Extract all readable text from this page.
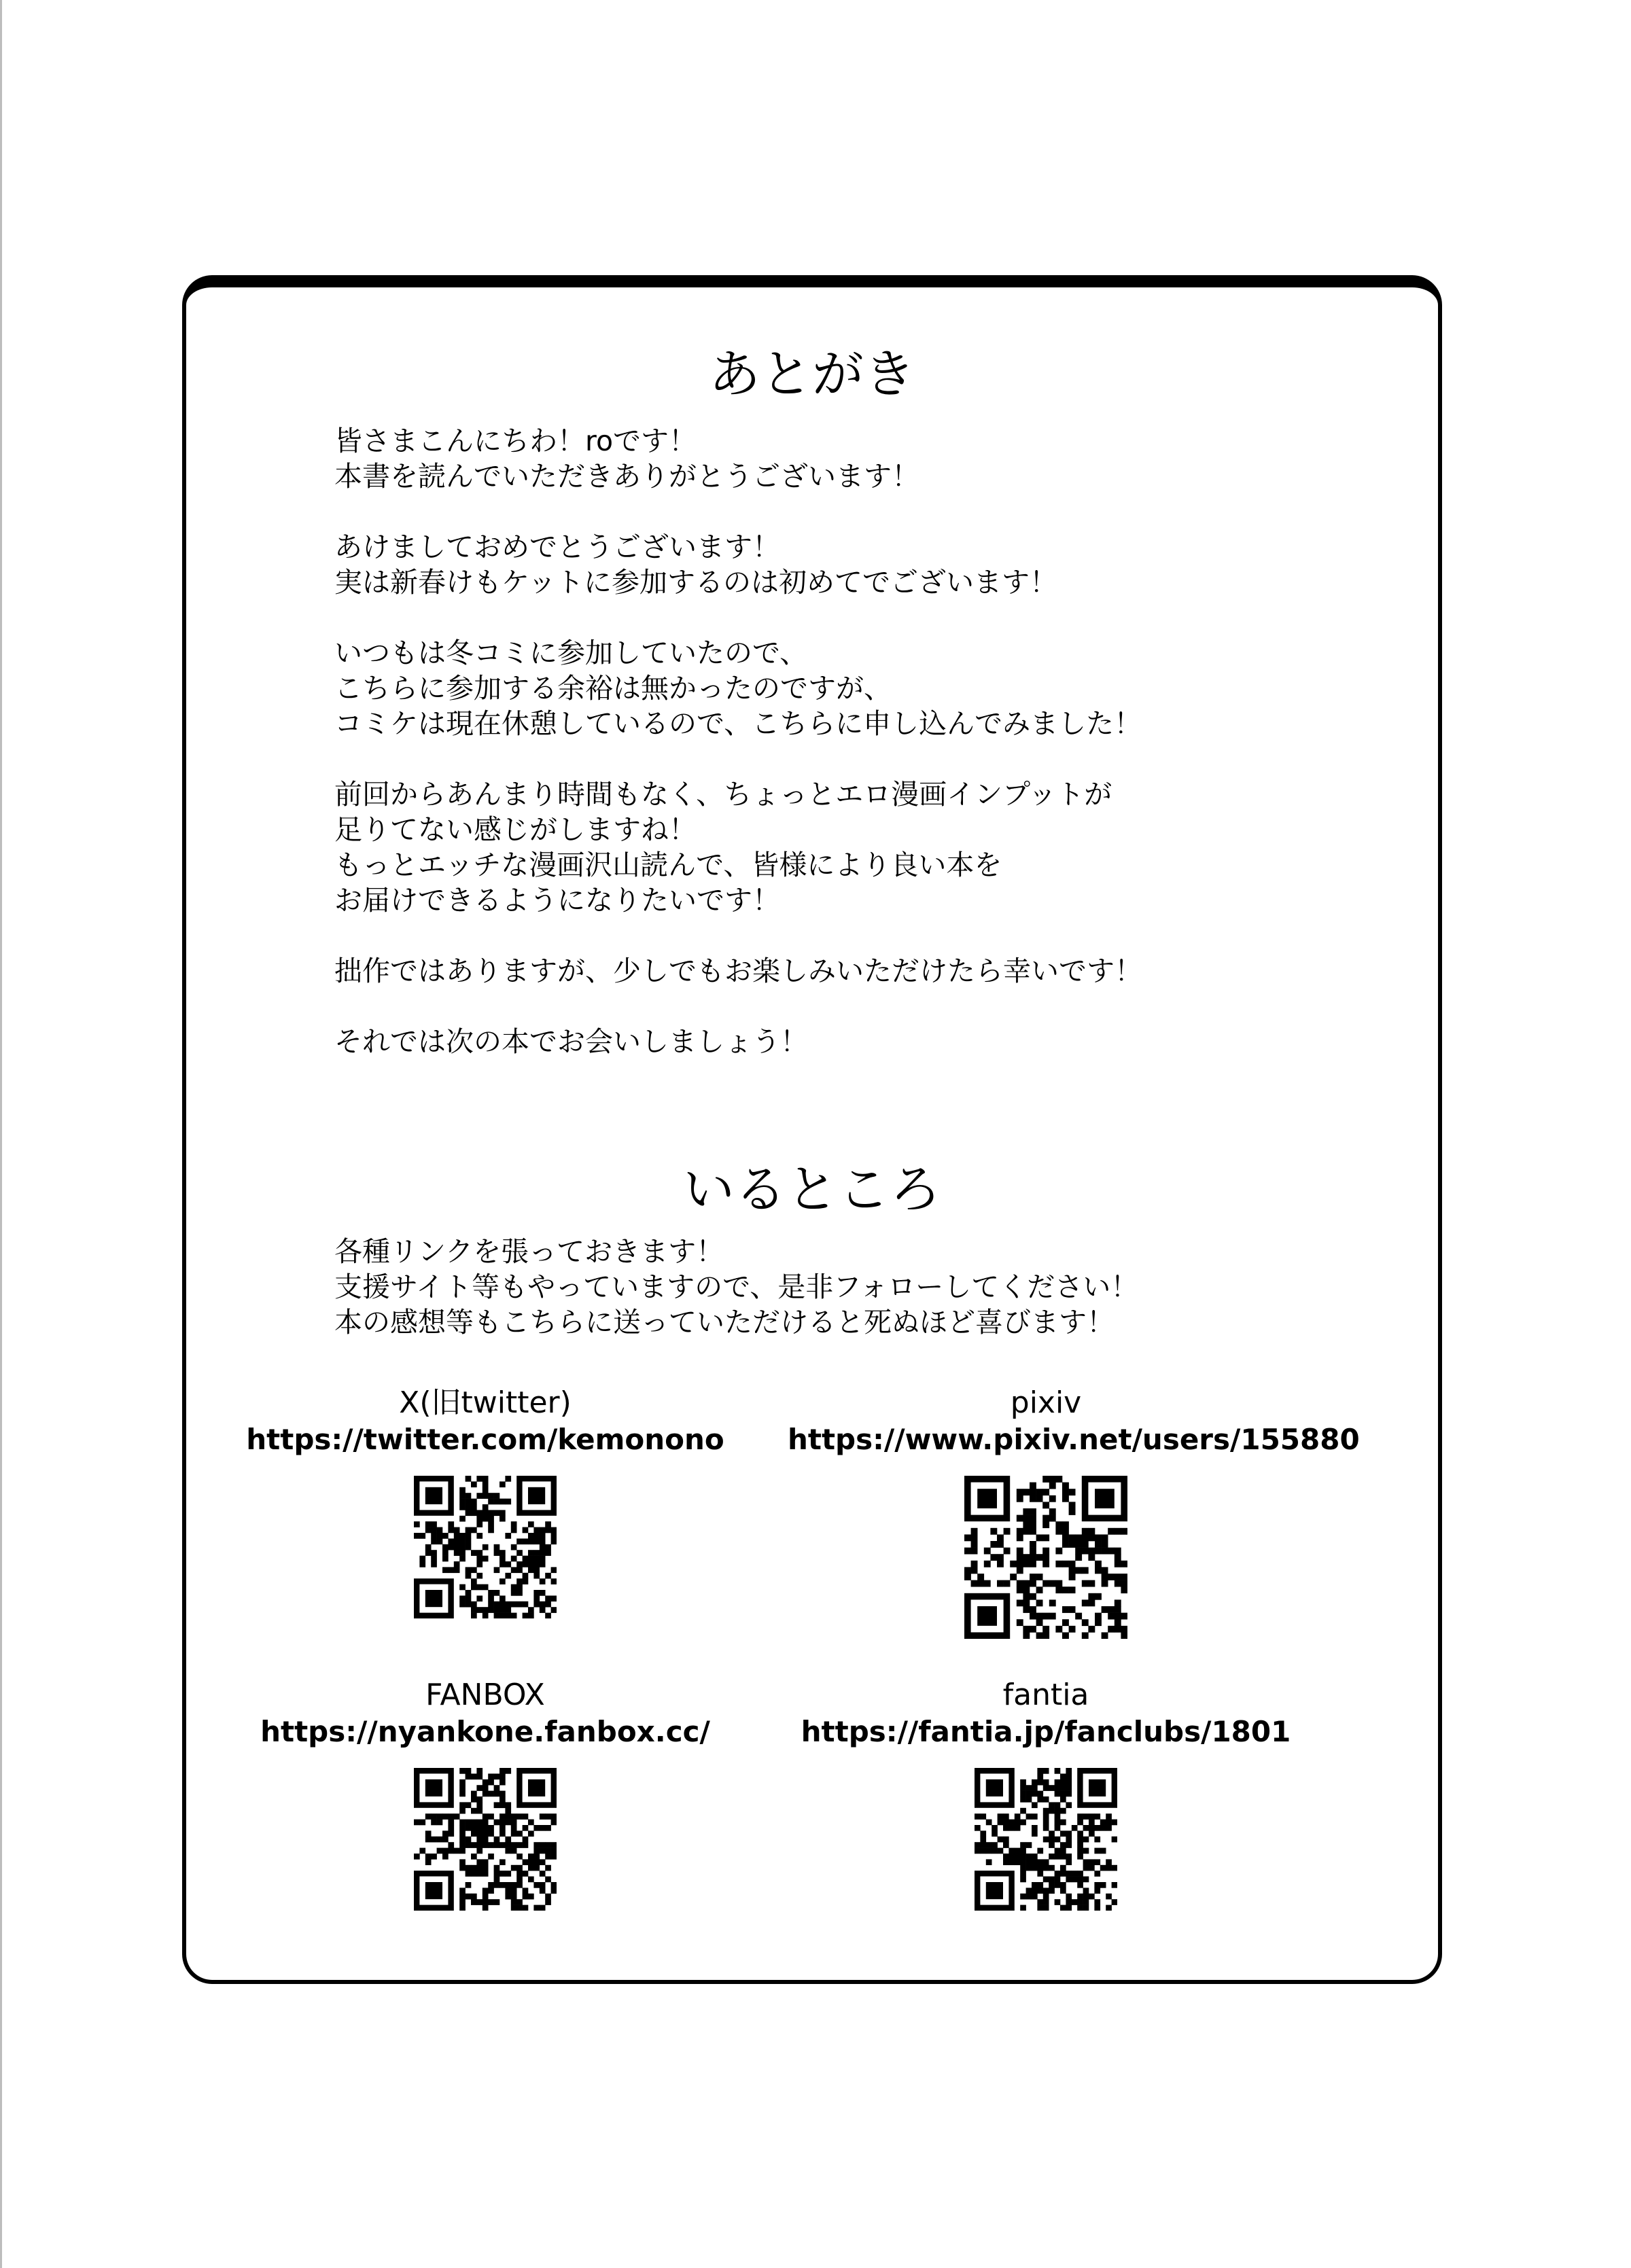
あとがき

皆さまこんにちわ！roです！

本書を読んでいただきありがとうございます！

あけましておめでとうございます！

実は新春けもケットに参加するのは初めてでございます！

いつもは冬コミに参加していたので、

こちらに参加する余裕は無かったのですが、

コミケは現在休憩しているので、こちらに申し込んでみました！

前回からあんまり時間もなく、ちょっとエロ漫画インプットが

足りてない感じがしますね！

もっとエッチな漫画沢山読んで、皆様により良い本を

お届けできるようになりたいです！

拙作ではありますが、少しでもお楽しみいただけたら幸いです！

それでは次の本でお会いしましょう！

いるところ

各種リンクを張っておきます！

支援サイト等もやっていますので、是非フォローしてください！

本の感想等もこちらに送っていただけると死ぬほど喜びます！

X(旧twitter)
https://twitter.com/kemonono
pixiv
https://www.pixiv.net/users/155880
FANBOX
https://nyankone.fanbox.cc/
fantia
https://fantia.jp/fanclubs/1801
